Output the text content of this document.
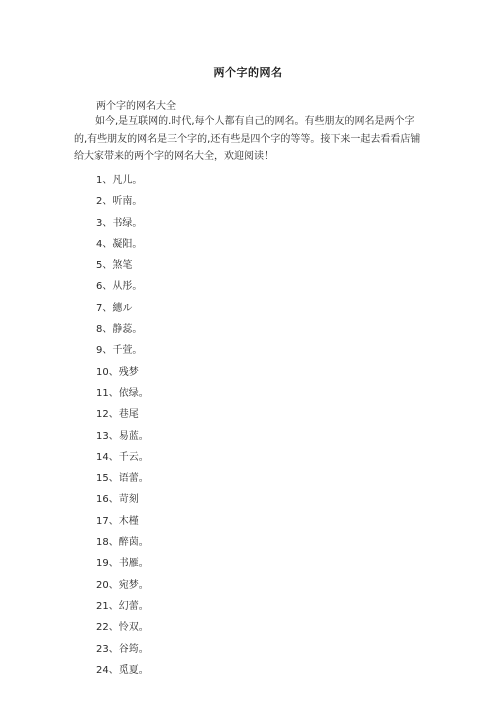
两个字的网名
两个字的网名大全
如今,是互联网的.时代,每个人都有自己的网名。有些朋友的网名是两个字的,有些朋友的网名是三个字的,还有些是四个字的等等。接下来一起去看看店铺给大家带来的两个字的网名大全，欢迎阅读！
1、凡儿。
2、听南。
3、书绿。
4、凝阳。
5、煞笔
6、从彤。
7、繐ル
8、静蕊。
9、千萱。
10、残梦
11、依绿。
12、巷尾
13、易蓝。
14、千云。
15、语蕾。
16、苛刻
17、木槿
18、醉茵。
19、书雁。
20、宛梦。
21、幻蕾。
22、怜双。
23、谷筠。
24、觅夏。
